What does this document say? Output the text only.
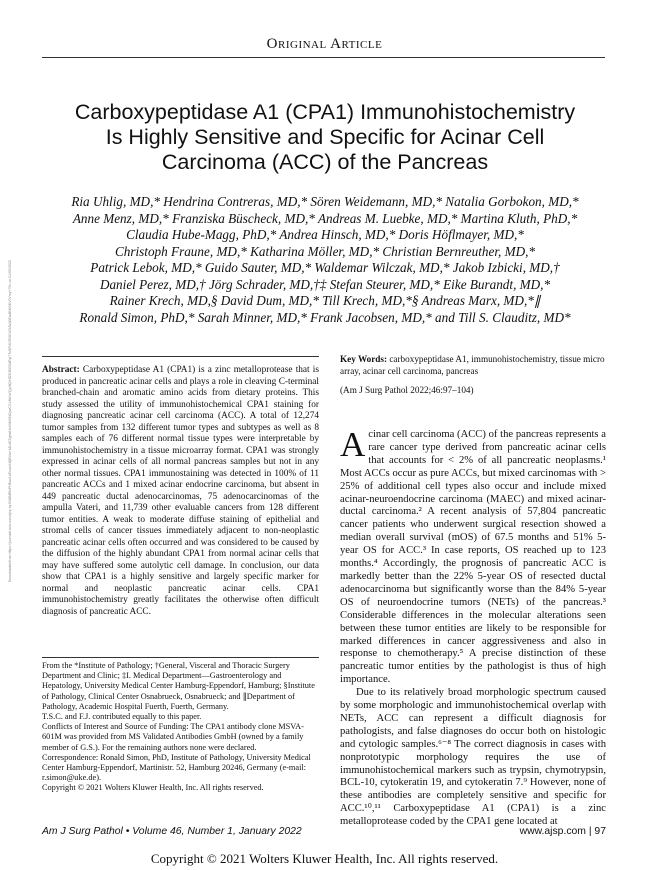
Original Article
Carboxypeptidase A1 (CPA1) Immunohistochemistry
Is Highly Sensitive and Specific for Acinar Cell
Carcinoma (ACC) of the Pancreas
Ria Uhlig, MD,* Hendrina Contreras, MD,* Sören Weidemann, MD,* Natalia Gorbokon, MD,*
Anne Menz, MD,* Franziska Büscheck, MD,* Andreas M. Luebke, MD,* Martina Kluth, PhD,*
Claudia Hube-Magg, PhD,* Andrea Hinsch, MD,* Doris Höflmayer, MD,*
Christoph Fraune, MD,* Katharina Möller, MD,* Christian Bernreuther, MD,*
Patrick Lebok, MD,* Guido Sauter, MD,* Waldemar Wilczak, MD,* Jakob Izbicki, MD,†
Daniel Perez, MD,† Jörg Schrader, MD,†‡ Stefan Steurer, MD,* Eike Burandt, MD,*
Rainer Krech, MD,§ David Dum, MD,* Till Krech, MD,*§ Andreas Marx, MD,*∥
Ronald Simon, PhD,* Sarah Minner, MD,* Frank Jacobsen, MD,* and Till S. Clauditz, MD*
Downloaded from https://journals.lww.com/ajsp by BhDMf5ePHKav1zEoum1tQfN4a+kJLhEZgbsIHo4XMi0hCywCX1AWnYQp/IlQrHD3i3D0OdRyi7TvSFl4Cf3VC4/OAVpDDa8KKGKV0Ymy+78= on 01/05/2022	Abstract: Carboxypeptidase A1 (CPA1) is a zinc metalloprotease that is produced in pancreatic acinar cells and plays a role in cleaving C-terminal branched-chain and aromatic amino acids from dietary proteins. This study assessed the utility of immunohistochemical CPA1 staining for diagnosing pancreatic acinar cell carcinoma (ACC). A total of 12,274 tumor samples from 132 different tumor types and subtypes as well as 8 samples each of 76 different normal tissue types were interpretable by immunohistochemistry in a tissue microarray format. CPA1 was strongly expressed in acinar cells of all normal pancreas samples but not in any other normal tissues. CPA1 immunostaining was detected in 100% of 11 pancreatic ACCs and 1 mixed acinar endocrine carcinoma, but absent in 449 pancreatic ductal adenocarcinomas, 75 adenocarcinomas of the ampulla Vateri, and 11,739 other evaluable cancers from 128 different tumor entities. A weak to moderate diffuse staining of epithelial and stromal cells of cancer tissues immediately adjacent to non-neoplastic pancreatic acinar cells often occurred and was considered to be caused by the diffusion of the highly abundant CPA1 from normal acinar cells that may have suffered some autolytic cell damage. In conclusion, our data show that CPA1 is a highly sensitive and largely specific marker for normal and neoplastic pancreatic acinar cells. CPA1 immunohistochemistry greatly facilitates the otherwise often difficult diagnosis of pancreatic ACC.

From the *Institute of Pathology; †General, Visceral and Thoracic Surgery Department and Clinic; ‡I. Medical Department—Gastroenterology and Hepatology, University Medical Center Hamburg-Eppendorf, Hamburg; §Institute of Pathology, Clinical Center Osnabrueck, Osnabrueck; and ∥Department of Pathology, Academic Hospital Fuerth, Fuerth, Germany.

T.S.C. and F.J. contributed equally to this paper.

Conflicts of Interest and Source of Funding: The CPA1 antibody clone MSVA-601M was provided from MS Validated Antibodies GmbH (owned by a family member of G.S.). For the remaining authors none were declared.

Correspondence: Ronald Simon, PhD, Institute of Pathology, University Medical Center Hamburg-Eppendorf, Martinistr. 52, Hamburg 20246, Germany (e-mail: r.simon@uke.de).

Copyright © 2021 Wolters Kluwer Health, Inc. All rights reserved.

Key Words: carboxypeptidase A1, immunohistochemistry, tissue micro array, acinar cell carcinoma, pancreas

(Am J Surg Pathol 2022;46:97–104)

Acinar cell carcinoma (ACC) of the pancreas represents a rare cancer type derived from pancreatic acinar cells that accounts for < 2% of all pancreatic neoplasms.¹ Most ACCs occur as pure ACCs, but mixed carcinomas with > 25% of additional cell types also occur and include mixed acinar-neuroendocrine carcinoma (MAEC) and mixed acinar-ductal carcinoma.² A recent analysis of 57,804 pancreatic cancer patients who underwent surgical resection showed a median overall survival (mOS) of 67.5 months and 51% 5-year OS for ACC.³ In case reports, OS reached up to 123 months.⁴ Accordingly, the prognosis of pancreatic ACC is markedly better than the 22% 5-year OS of resected ductal adenocarcinoma but significantly worse than the 84% 5-year OS of neuroendocrine tumors (NETs) of the pancreas.³ Considerable differences in the molecular alterations seen between these tumor entities are likely to be responsible for marked differences in cancer aggressiveness and also in response to chemotherapy.⁵ A precise distinction of these pancreatic tumor entities by the pathologist is thus of high importance.

Due to its relatively broad morphologic spectrum caused by some morphologic and immunohistochemical overlap with NETs, ACC can represent a difficult diagnosis for pathologists, and false diagnoses do occur both on histologic and cytologic samples.⁶⁻⁸ The correct diagnosis in cases with nonprototypic morphology requires the use of immunohistochemical markers such as trypsin, chymotrypsin, BCL-10, cytokeratin 19, and cytokeratin 7.⁹ However, none of these antibodies are completely sensitive and specific for ACC.¹⁰,¹¹ Carboxypeptidase A1 (CPA1) is a zinc metalloprotease coded by the CPA1 gene located at

Am J Surg Pathol • Volume 46, Number 1, January 2022	www.ajsp.com | 97
Copyright © 2021 Wolters Kluwer Health, Inc. All rights reserved.
